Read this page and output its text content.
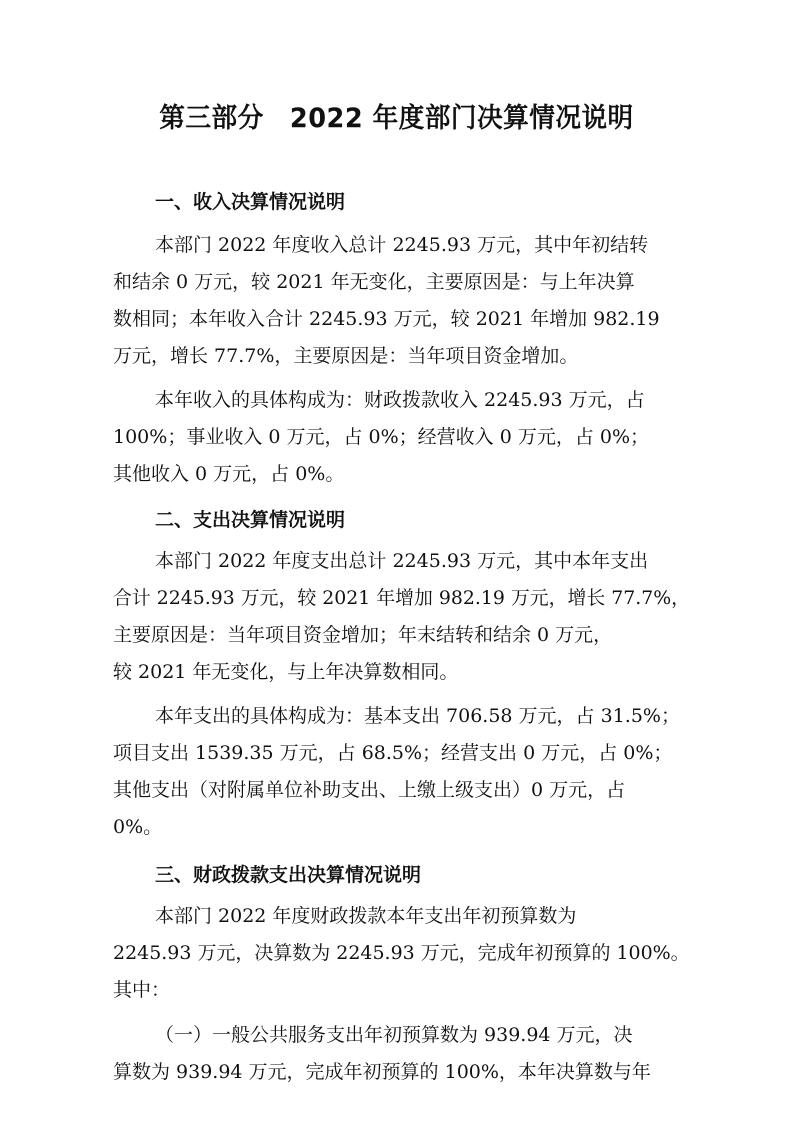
第三部分　2022 年度部门决算情况说明
一、收入决算情况说明
本部门 2022 年度收入总计 2245.93 万元，其中年初结转
和结余 0 万元，较 2021 年无变化，主要原因是：与上年决算
数相同；本年收入合计 2245.93 万元，较 2021 年增加 982.19
万元，增长 77.7%，主要原因是：当年项目资金增加。
本年收入的具体构成为：财政拨款收入 2245.93 万元，占
100%；事业收入 0 万元，占 0%；经营收入 0 万元，占 0%；
其他收入 0 万元，占 0%。
二、支出决算情况说明
本部门 2022 年度支出总计 2245.93 万元，其中本年支出
合计 2245.93 万元，较 2021 年增加 982.19 万元，增长 77.7%，
主要原因是：当年项目资金增加；年末结转和结余 0 万元，
较 2021 年无变化，与上年决算数相同。
本年支出的具体构成为：基本支出 706.58 万元，占 31.5%；
项目支出 1539.35 万元，占 68.5%；经营支出 0 万元，占 0%；
其他支出（对附属单位补助支出、上缴上级支出）0 万元，占
0%。
三、财政拨款支出决算情况说明
本部门 2022 年度财政拨款本年支出年初预算数为
2245.93 万元，决算数为 2245.93 万元，完成年初预算的 100%。
其中：
（一）一般公共服务支出年初预算数为 939.94 万元，决
算数为 939.94 万元，完成年初预算的 100%，本年决算数与年
